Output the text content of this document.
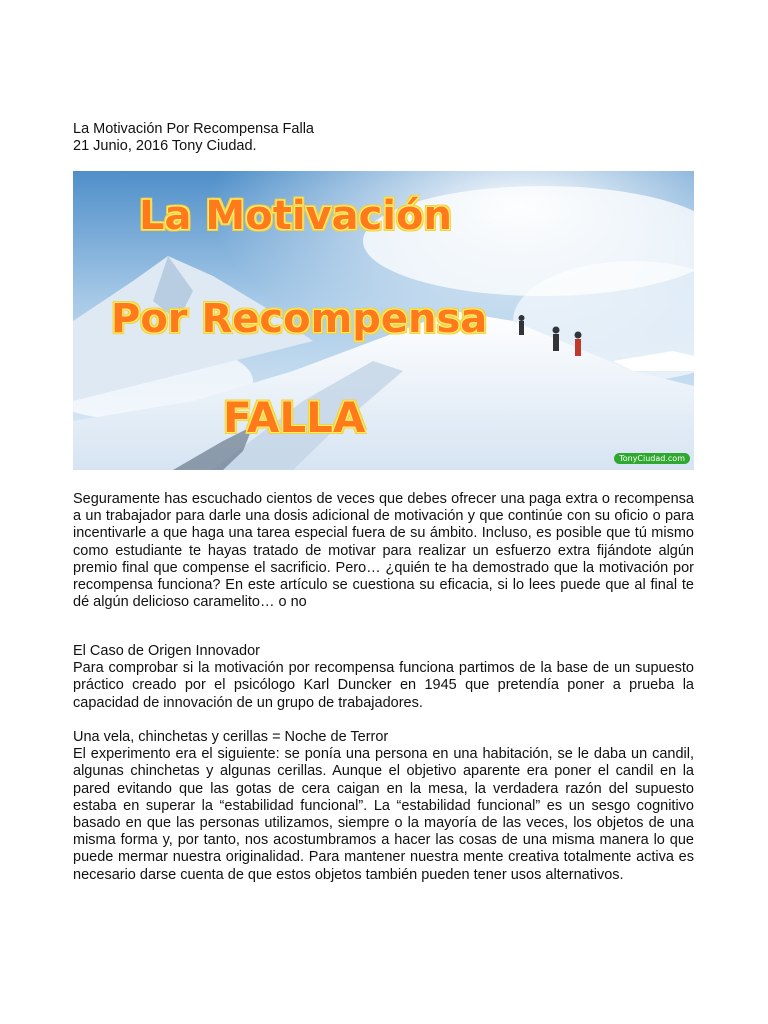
La Motivación Por Recompensa Falla
21 Junio, 2016 Tony Ciudad.
La Motivación
Por Recompensa
FALLA
TonyCiudad.com

Seguramente has escuchado cientos de veces que debes ofrecer una paga extra o recompensa a un trabajador para darle una dosis adicional de motivación y que continúe con su oficio o para incentivarle a que haga una tarea especial fuera de su ámbito. Incluso, es posible que tú mismo como estudiante te hayas tratado de motivar para realizar un esfuerzo extra fijándote algún premio final que compense el sacrificio. Pero… ¿quién te ha demostrado que la motivación por recompensa funciona? En este artículo se cuestiona su eficacia, si lo lees puede que al final te dé algún delicioso caramelito… o no

El Caso de Origen Innovador

Para comprobar si la motivación por recompensa funciona partimos de la base de un supuesto práctico creado por el psicólogo Karl Duncker en 1945 que pretendía poner a prueba la capacidad de innovación de un grupo de trabajadores.

Una vela, chinchetas y cerillas = Noche de Terror

El experimento era el siguiente: se ponía una persona en una habitación, se le daba un candil, algunas chinchetas y algunas cerillas. Aunque el objetivo aparente era poner el candil en la pared evitando que las gotas de cera caigan en la mesa, la verdadera razón del supuesto estaba en superar la “estabilidad funcional”. La “estabilidad funcional” es un sesgo cognitivo basado en que las personas utilizamos, siempre o la mayoría de las veces, los objetos de una misma forma y, por tanto, nos acostumbramos a hacer las cosas de una misma manera lo que puede mermar nuestra originalidad. Para mantener nuestra mente creativa totalmente activa es necesario darse cuenta de que estos objetos también pueden tener usos alternativos.
